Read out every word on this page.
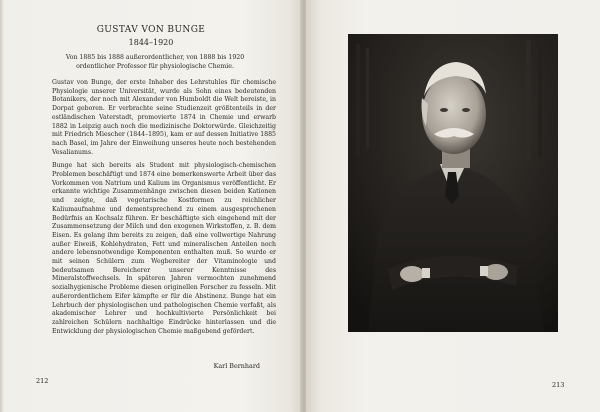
GUSTAV VON BUNGE
1844–1920
Von 1885 bis 1888 außerordentlicher, von 1888 bis 1920 ordentlicher Professor für physiologische Chemie.

Gustav von Bunge, der erste Inhaber des Lehrstuhles für chemische Physiologie unserer Universität, wurde als Sohn eines bedeutenden Botanikers, der noch mit Alexander von Humboldt die Welt bereiste, in Dorpat geboren. Er verbrachte seine Studienzeit größtenteils in der estländischen Vaterstadt, promovierte 1874 in Chemie und erwarb 1882 in Leipzig auch noch die medizinische Doktorwürde. Gleichzeitig mit Friedrich Miescher (1844–1895), kam er auf dessen Initiative 1885 nach Basel, im Jahre der Einweihung unseres heute noch bestehenden Vesalianums.

Bunge hat sich bereits als Student mit physiologisch-chemischen Problemen beschäftigt und 1874 eine bemerkenswerte Arbeit über das Vorkommen von Natrium und Kalium im Organismus veröffentlicht. Er erkannte wichtige Zusammenhänge zwischen diesen beiden Kationen und zeigte, daß vegetarische Kostformen zu reichlicher Kaliumaufnahme und dementsprechend zu einem ausgesprochenen Bedürfnis an Kochsalz führen. Er beschäftigte sich eingehend mit der Zusammensetzung der Milch und den exogenen Wirkstoffen, z. B. dem Eisen. Es gelang ihm bereits zu zeigen, daß eine vollwertige Nahrung außer Eiweiß, Kohlehydraten, Fett und mineralischen Anteilen noch andere lebensnotwendige Komponenten enthalten muß. So wurde er mit seinen Schülern zum Wegbereiter der Vitaminologie und bedeutsamen Bereicherer unserer Kenntnisse des Mineralstoffwechsels. In späteren Jahren vermochten zunehmend sozialhygienische Probleme diesen originellen Forscher zu fesseln. Mit außerordentlichem Eifer kämpfte er für die Abstinenz. Bunge hat ein Lehrbuch der physiologischen und pathologischen Chemie verfaßt, als akademischer Lehrer und hochkultivierte Persönlichkeit bei zahlreichen Schülern nachhaltige Eindrücke hinterlassen und die Entwicklung der physiologischen Chemie maßgebend gefördert.

Karl Bernhard
212	213
